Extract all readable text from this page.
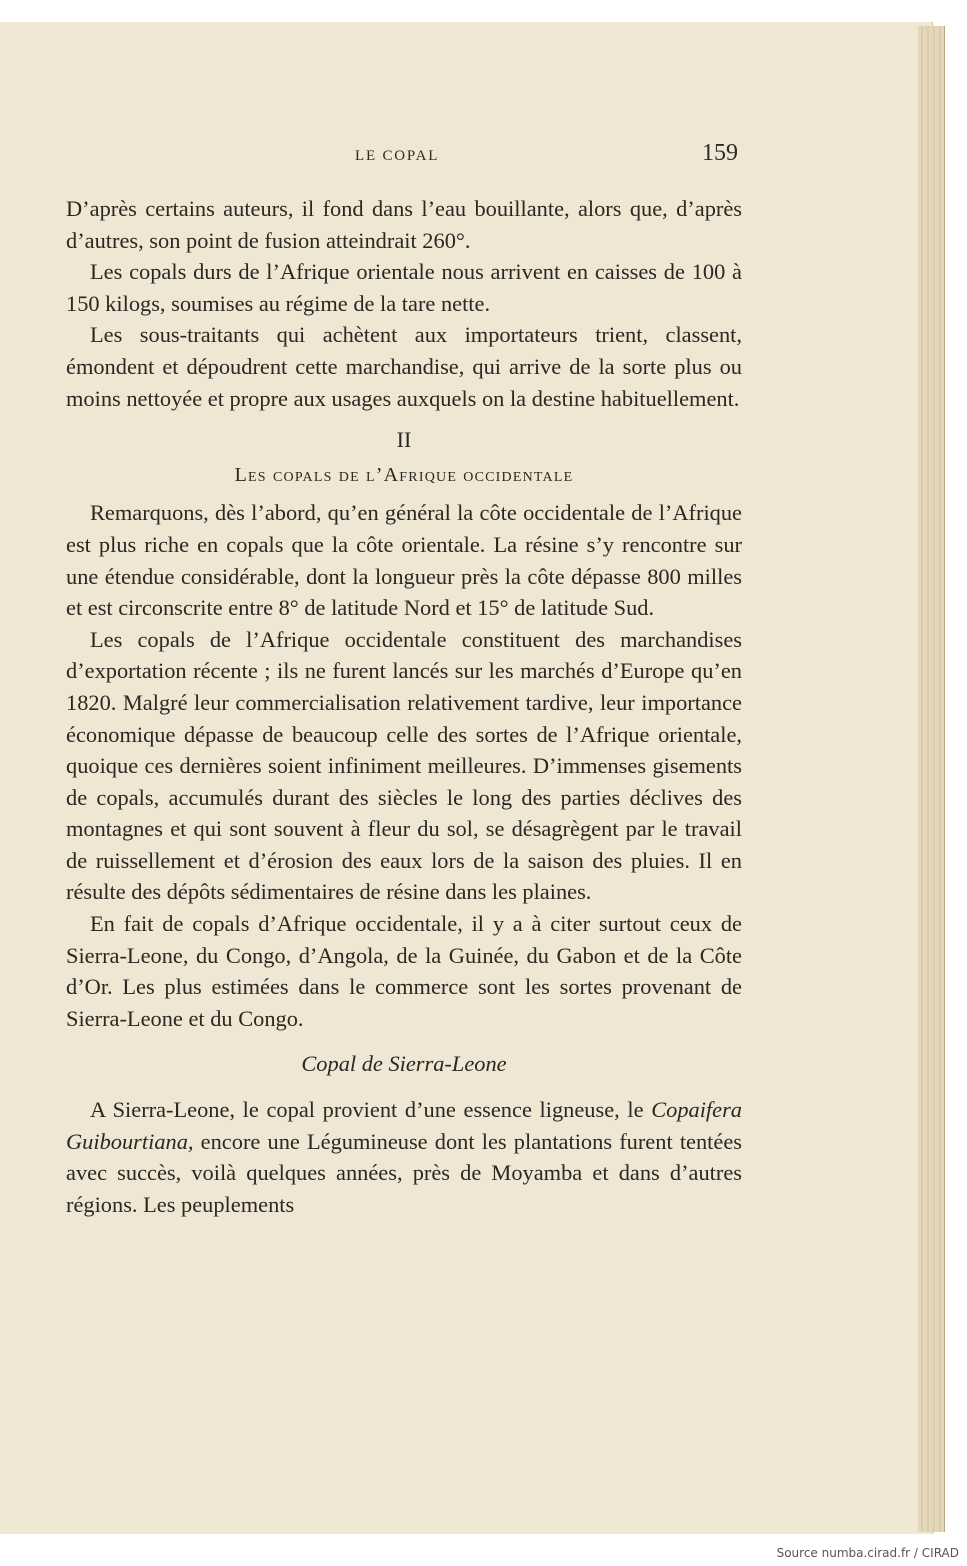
LE COPAL	159

D’après certains auteurs, il fond dans l’eau bouillante, alors que, d’après d’autres, son point de fusion atteindrait 260°.

Les copals durs de l’Afrique orientale nous arrivent en caisses de 100 à 150 kilogs, soumises au régime de la tare nette.

Les sous-traitants qui achètent aux importateurs trient, classent, émondent et dépoudrent cette marchandise, qui arrive de la sorte plus ou moins nettoyée et propre aux usages auxquels on la destine habituellement.

II
Les copals de l’Afrique occidentale

Remarquons, dès l’abord, qu’en général la côte occidentale de l’Afrique est plus riche en copals que la côte orientale. La résine s’y rencontre sur une étendue considérable, dont la longueur près la côte dépasse 800 milles et est circonscrite entre 8° de latitude Nord et 15° de latitude Sud.

Les copals de l’Afrique occidentale constituent des marchandises d’exportation récente ; ils ne furent lancés sur les marchés d’Europe qu’en 1820. Malgré leur commercialisation relativement tardive, leur importance économique dépasse de beaucoup celle des sortes de l’Afrique orientale, quoique ces dernières soient infiniment meilleures. D’immenses gisements de copals, accumulés durant des siècles le long des parties déclives des montagnes et qui sont souvent à fleur du sol, se désagrègent par le travail de ruissellement et d’érosion des eaux lors de la saison des pluies. Il en résulte des dépôts sédimentaires de résine dans les plaines.

En fait de copals d’Afrique occidentale, il y a à citer surtout ceux de Sierra-Leone, du Congo, d’Angola, de la Guinée, du Gabon et de la Côte d’Or. Les plus estimées dans le commerce sont les sortes provenant de Sierra-Leone et du Congo.

Copal de Sierra-Leone

A Sierra-Leone, le copal provient d’une essence ligneuse, le Copaifera Guibourtiana, encore une Légumineuse dont les plantations furent tentées avec succès, voilà quelques années, près de Moyamba et dans d’autres régions. Les peuplements

Source numba.cirad.fr / CIRAD
